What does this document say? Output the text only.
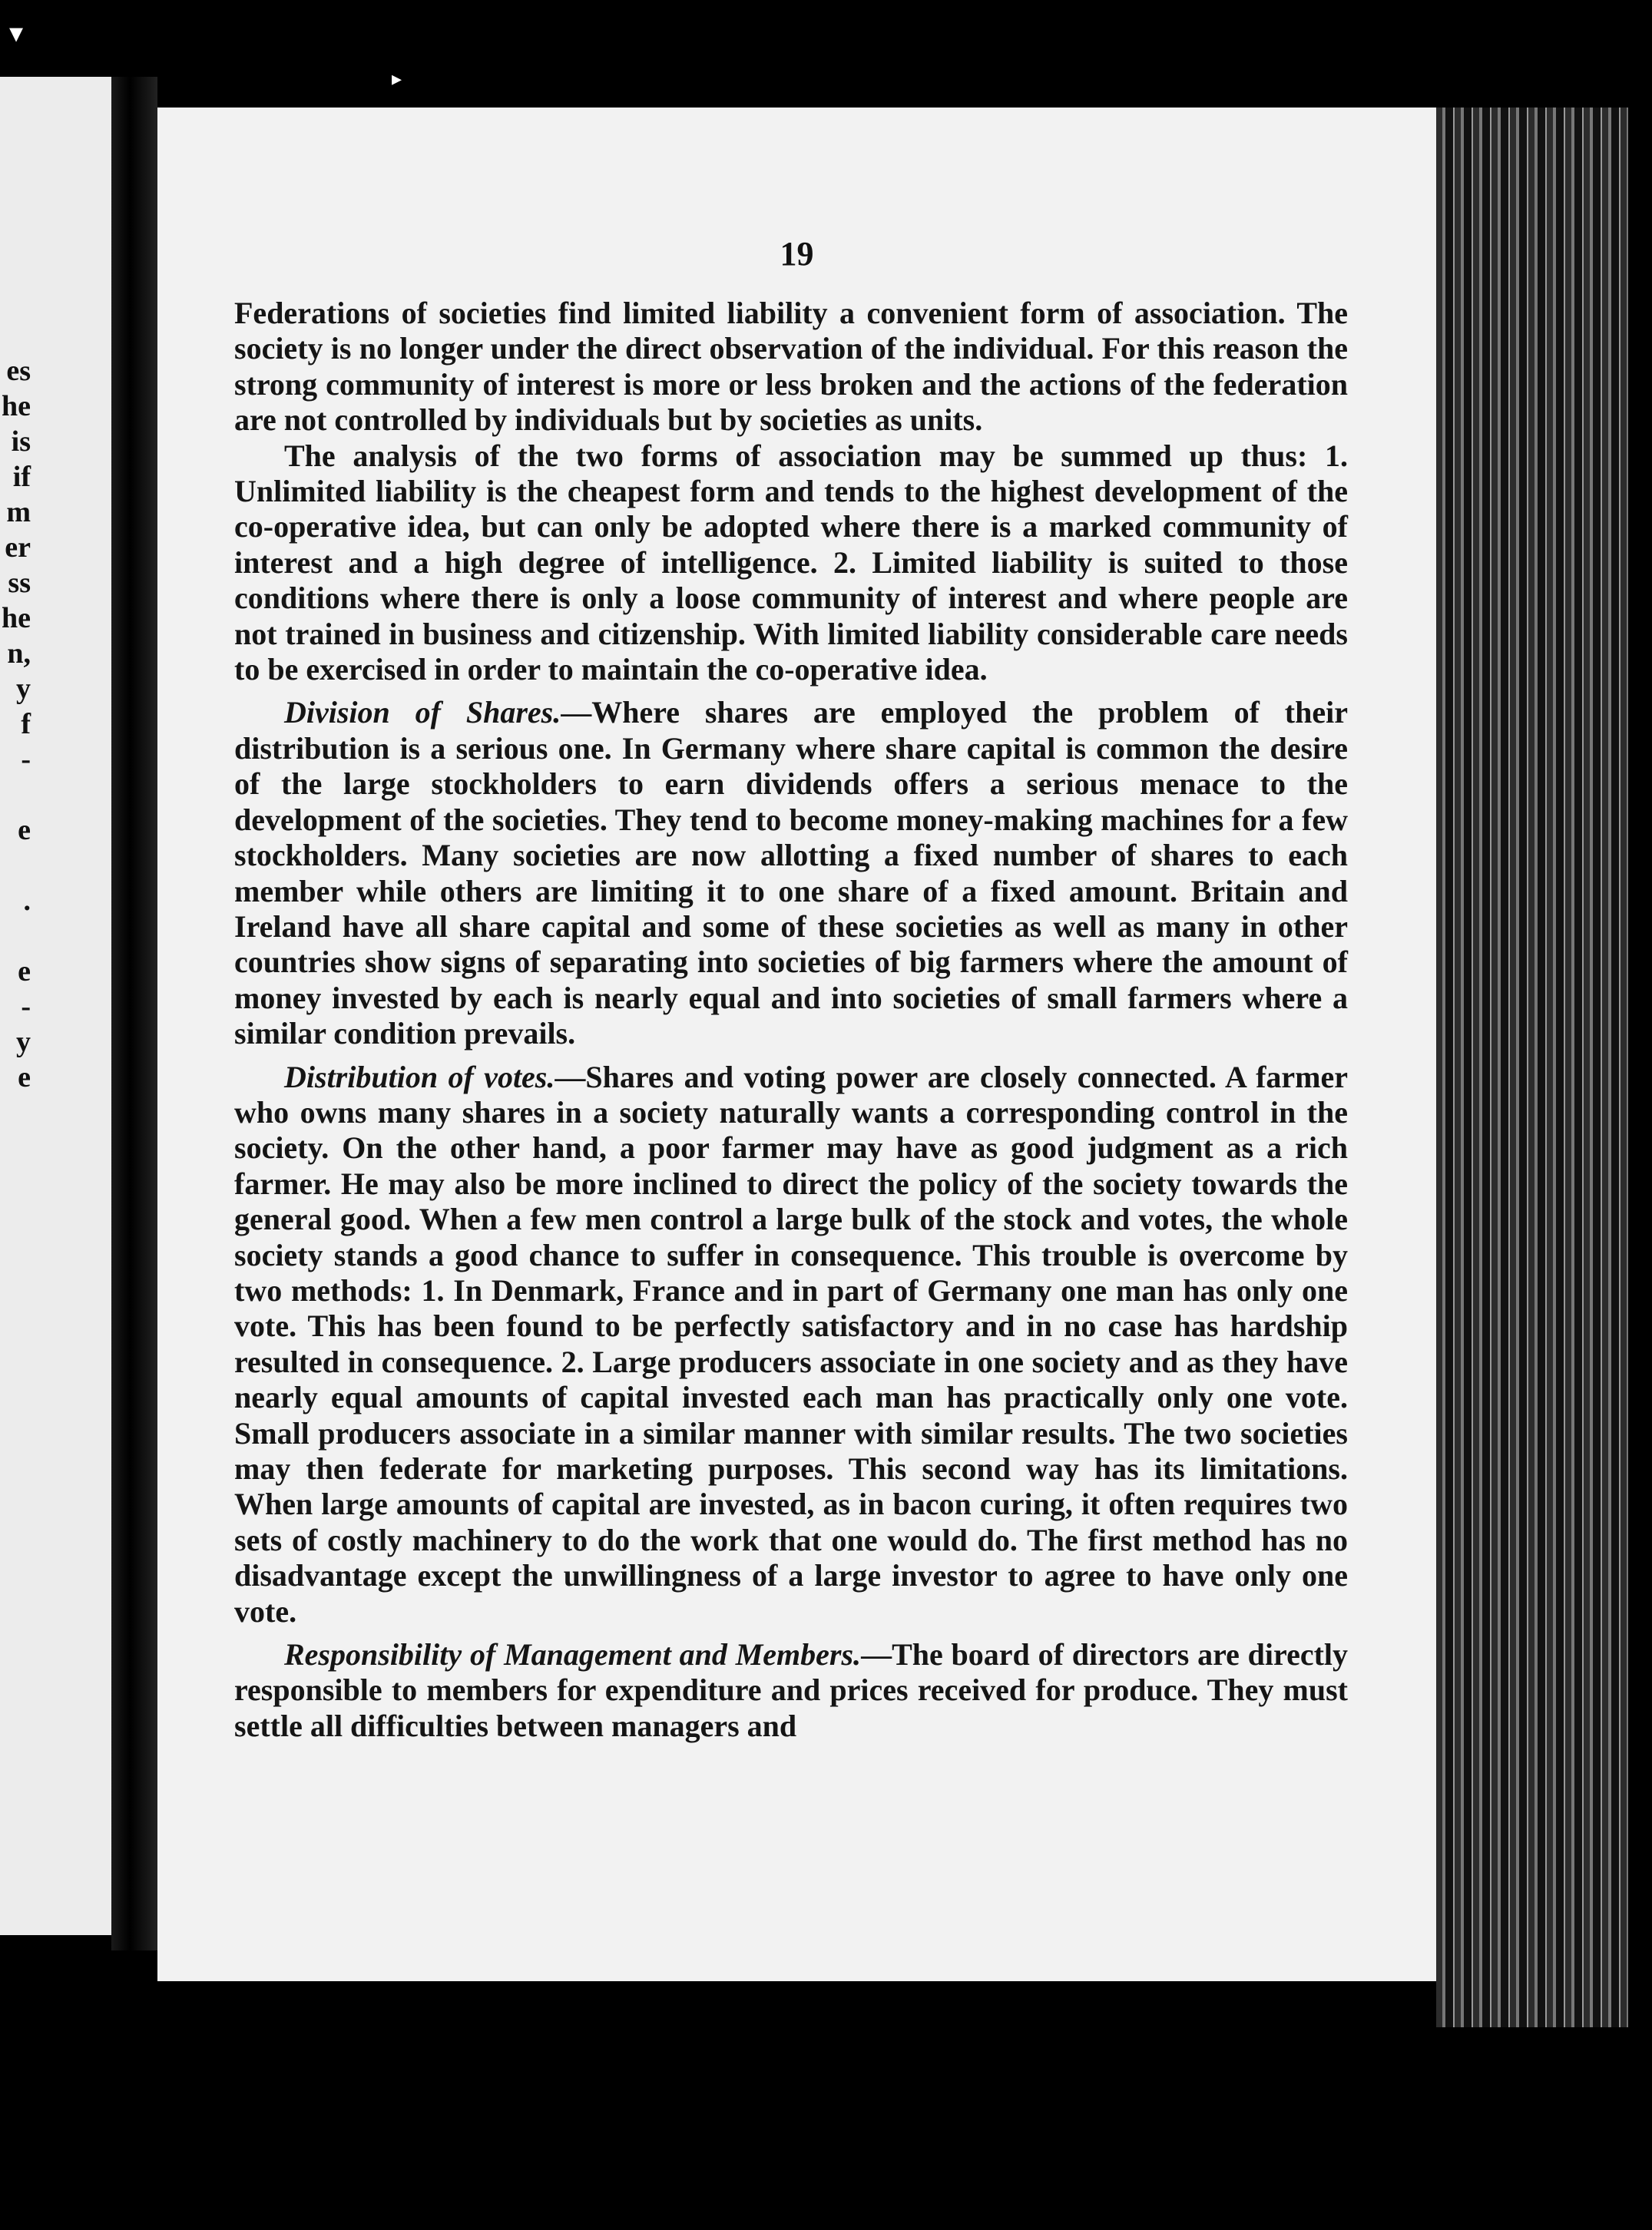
es
he
is
if
m
er
ss
he
n,
y
f
-

e

.

e
-
y
e
▾
▸
19

Federations of societies find limited liability a convenient form of association. The society is no longer under the direct observation of the individual. For this reason the strong community of interest is more or less broken and the actions of the federation are not controlled by individuals but by societies as units.

The analysis of the two forms of association may be summed up thus: 1. Unlimited liability is the cheapest form and tends to the highest development of the co-operative idea, but can only be adopted where there is a marked community of interest and a high degree of intelligence. 2. Limited liability is suited to those conditions where there is only a loose community of interest and where people are not trained in business and citizenship. With limited liability considerable care needs to be exercised in order to maintain the co-operative idea.

Division of Shares.—Where shares are employed the problem of their distribution is a serious one. In Germany where share capital is common the desire of the large stockholders to earn dividends offers a serious menace to the development of the societies. They tend to become money-making machines for a few stockholders. Many societies are now allotting a fixed number of shares to each member while others are limiting it to one share of a fixed amount. Britain and Ireland have all share capital and some of these societies as well as many in other countries show signs of separating into societies of big farmers where the amount of money invested by each is nearly equal and into societies of small farmers where a similar condition prevails.

Distribution of votes.—Shares and voting power are closely connected. A farmer who owns many shares in a society naturally wants a corresponding control in the society. On the other hand, a poor farmer may have as good judgment as a rich farmer. He may also be more inclined to direct the policy of the society towards the general good. When a few men control a large bulk of the stock and votes, the whole society stands a good chance to suffer in consequence. This trouble is overcome by two methods: 1. In Denmark, France and in part of Germany one man has only one vote. This has been found to be perfectly satisfactory and in no case has hardship resulted in consequence. 2. Large producers associate in one society and as they have nearly equal amounts of capital invested each man has practically only one vote. Small producers associate in a similar manner with similar results. The two societies may then federate for marketing purposes. This second way has its limitations. When large amounts of capital are invested, as in bacon curing, it often requires two sets of costly machinery to do the work that one would do. The first method has no disadvantage except the unwillingness of a large investor to agree to have only one vote.

Responsibility of Management and Members.—The board of directors are directly responsible to members for expenditure and prices received for produce. They must settle all difficulties between managers and
